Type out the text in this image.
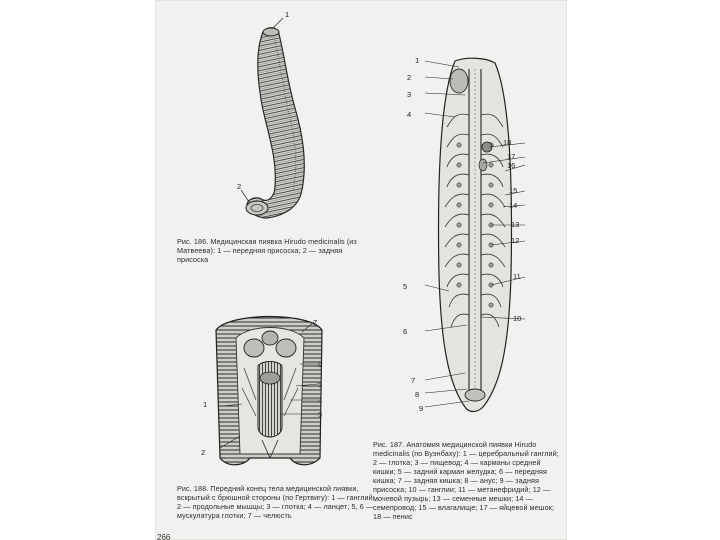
1
2
Рис. 186. Медицинская пиявка Hirudo medicinalis (из Матвеева): 1 — передняя присоска; 2 — задняя присоска
7
6
5
4
3
1
2
Рис. 188. Передний конец тела медицинской пиявки, вскрытый с брюшной стороны (по Гертвигу): 1 — ганглий; 2 — продольные мышцы; 3 — глотка; 4 — ланцет; 5, 6 — мускулатура глотки; 7 — челюсть
1
2
3
4
5
6
7
8
9
18
17
16
15
14
13
12
11
10
Рис. 187. Анатомия медицинской пиявки Hirudo medicinalis (по Вуэнбаху): 1 — церебральный ганглий; 2 — глотка; 3 — пищевод; 4 — карманы средней кишки; 5 — задний карман желудка; 6 — передняя кишка; 7 — задняя кишка; 8 — анус; 9 — задняя присоска; 10 — ганглии; 11 — метанефридий; 12 — мочевой пузырь; 13 — семенные мешки; 14 — семепровод; 15 — влагалище; 17 — яйцевой мешок; 18 — пенис
266
